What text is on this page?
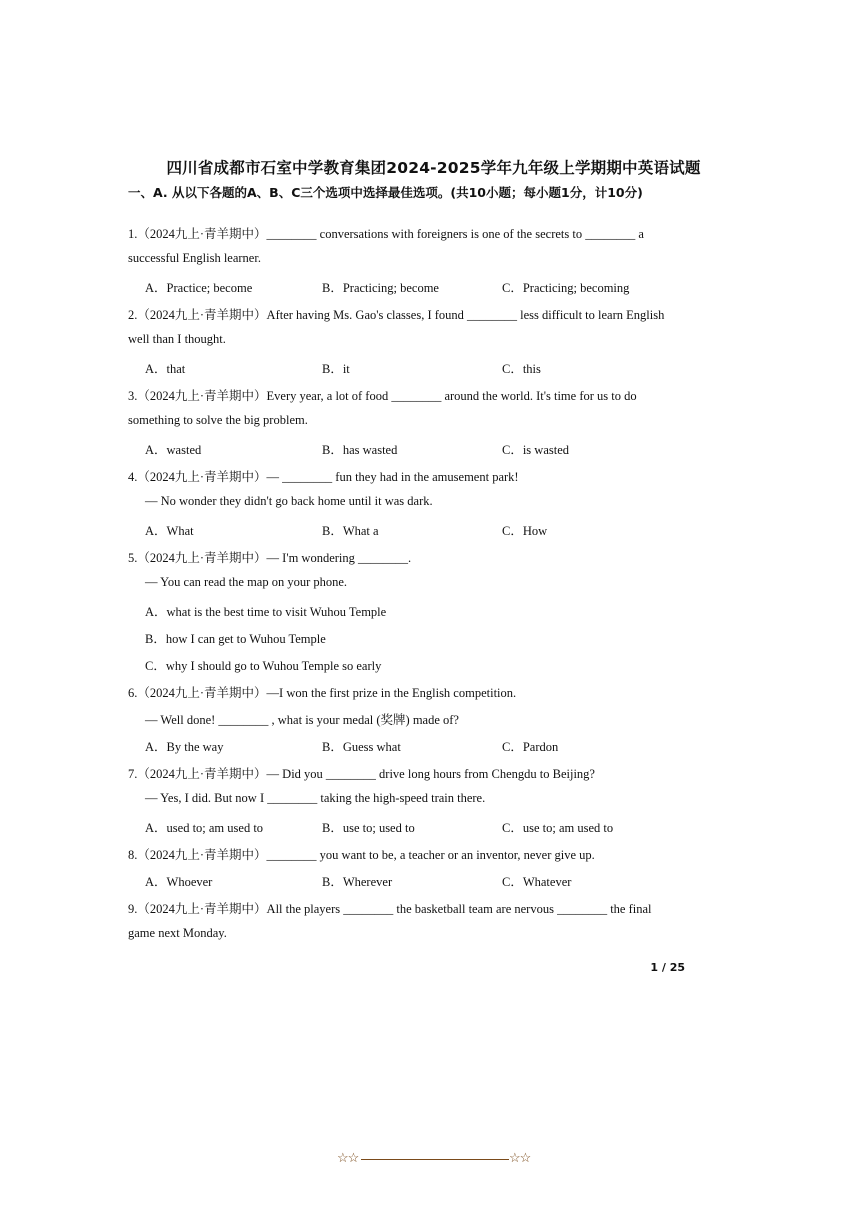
四川省成都市石室中学教育集团2024-2025学年九年级上学期期中英语试题
一、A. 从以下各题的A、B、C三个选项中选择最佳选项。(共10小题；每小题1分，计10分)
1.（2024九上·青羊期中）________ conversations with foreigners is one of the secrets to ________ a
successful English learner.
A．Practice; become	B．Practicing; become	C．Practicing; becoming
2.（2024九上·青羊期中）After having Ms. Gao's classes, I found ________ less difficult to learn English
well than I thought.
A．that	B．it	C．this
3.（2024九上·青羊期中）Every year, a lot of food ________ around the world. It's time for us to do
something to solve the big problem.
A．wasted	B．has wasted	C．is wasted
4.（2024九上·青羊期中）— ________ fun they had in the amusement park!
— No wonder they didn't go back home until it was dark.
A．What	B．What a	C．How
5.（2024九上·青羊期中）— I'm wondering ________.
— You can read the map on your phone.
A．what is the best time to visit Wuhou Temple
B．how I can get to Wuhou Temple
C．why I should go to Wuhou Temple so early
6.（2024九上·青羊期中）—I won the first prize in the English competition.
— Well done! ________ , what is your medal (奖牌) made of?
A．By the way	B．Guess what	C．Pardon
7.（2024九上·青羊期中）— Did you ________ drive long hours from Chengdu to Beijing?
— Yes, I did. But now I ________ taking the high-speed train there.
A．used to; am used to	B．use to; used to	C．use to; am used to
8.（2024九上·青羊期中）________ you want to be, a teacher or an inventor, never give up.
A．Whoever	B．Wherever	C．Whatever
9.（2024九上·青羊期中）All the players ________ the basketball team are nervous ________ the final
game next Monday.
1 / 25
☆☆	☆☆
